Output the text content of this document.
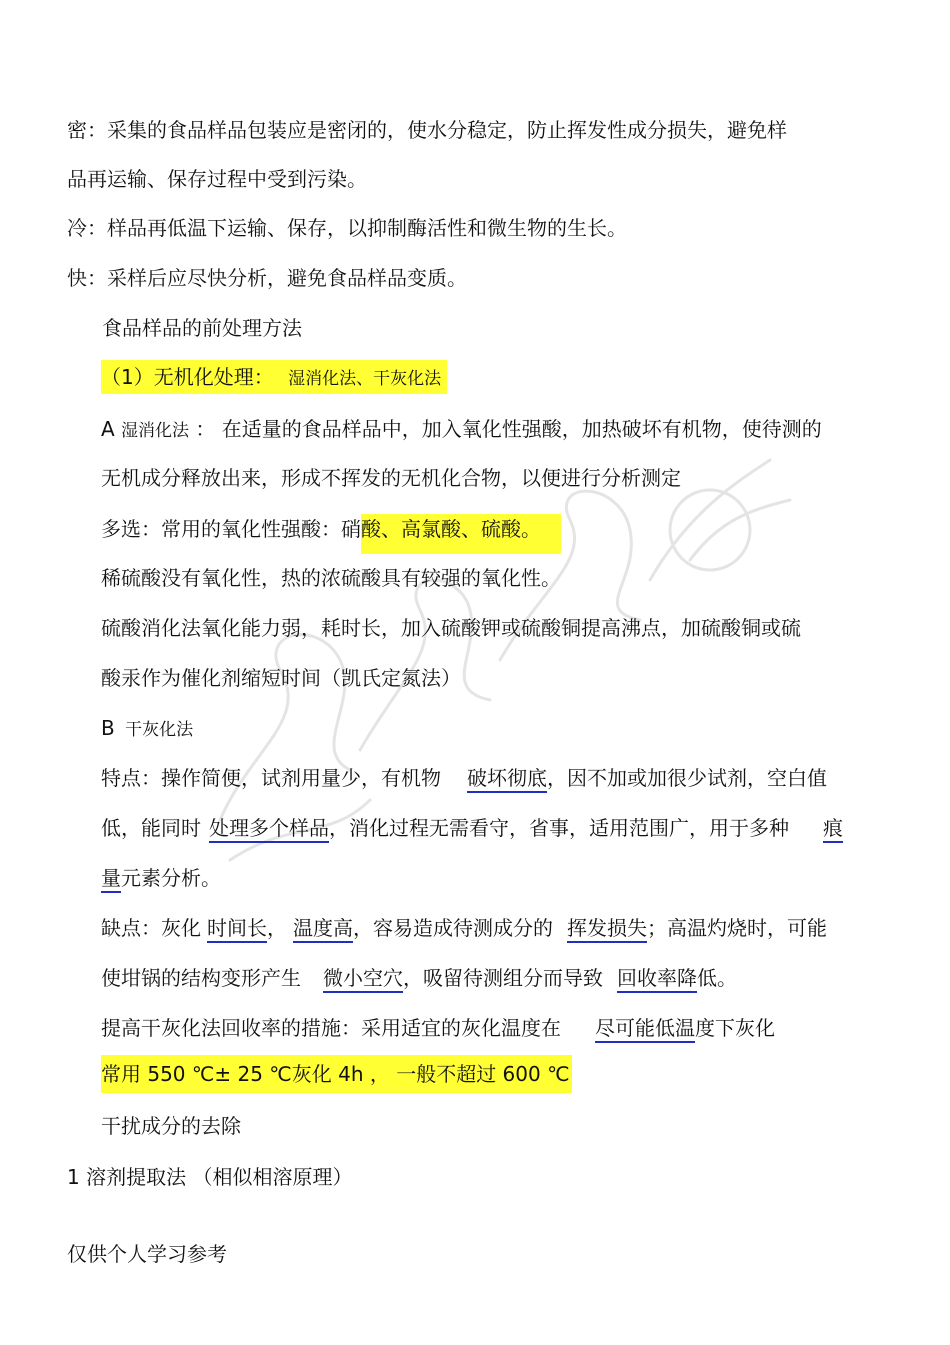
密：采集的食品样品包装应是密闭的，使水分稳定，防止挥发性成分损失，避免样
品再运输、保存过程中受到污染。
冷：样品再低温下运输、保存，以抑制酶活性和微生物的生长。
快：采样后应尽快分析，避免食品样品变质。
食品样品的前处理方法
（1）无机化处理： 湿消化法、干灰化法
A 湿消化法 ： 在适量的食品样品中，加入氧化性强酸，加热破坏有机物，使待测的
无机成分释放出来，形成不挥发的无机化合物，以便进行分析测定
多选：常用的氧化性强酸：硝酸、高氯酸、硫酸。
稀硫酸没有氧化性，热的浓硫酸具有较强的氧化性。
硫酸消化法氧化能力弱，耗时长，加入硫酸钾或硫酸铜提高沸点，加硫酸铜或硫
酸汞作为催化剂缩短时间（凯氏定氮法）
B 干灰化法
特点：操作简便，试剂用量少，有机物 破坏彻底，因不加或加很少试剂，空白值
低，能同时 处理多个样品，消化过程无需看守，省事，适用范围广，用于多种 痕
量元素分析。
缺点：灰化 时间长， 温度高，容易造成待测成分的 挥发损失；高温灼烧时，可能
使坩锅的结构变形产生 微小空穴，吸留待测组分而导致 回收率降低。
提高干灰化法回收率的措施：采用适宜的灰化温度在 尽可能低温度下灰化
常用 550 ℃± 25 ℃灰化 4h ， 一般不超过 600 ℃
干扰成分的去除
1 溶剂提取法 （相似相溶原理）
仅供个人学习参考
